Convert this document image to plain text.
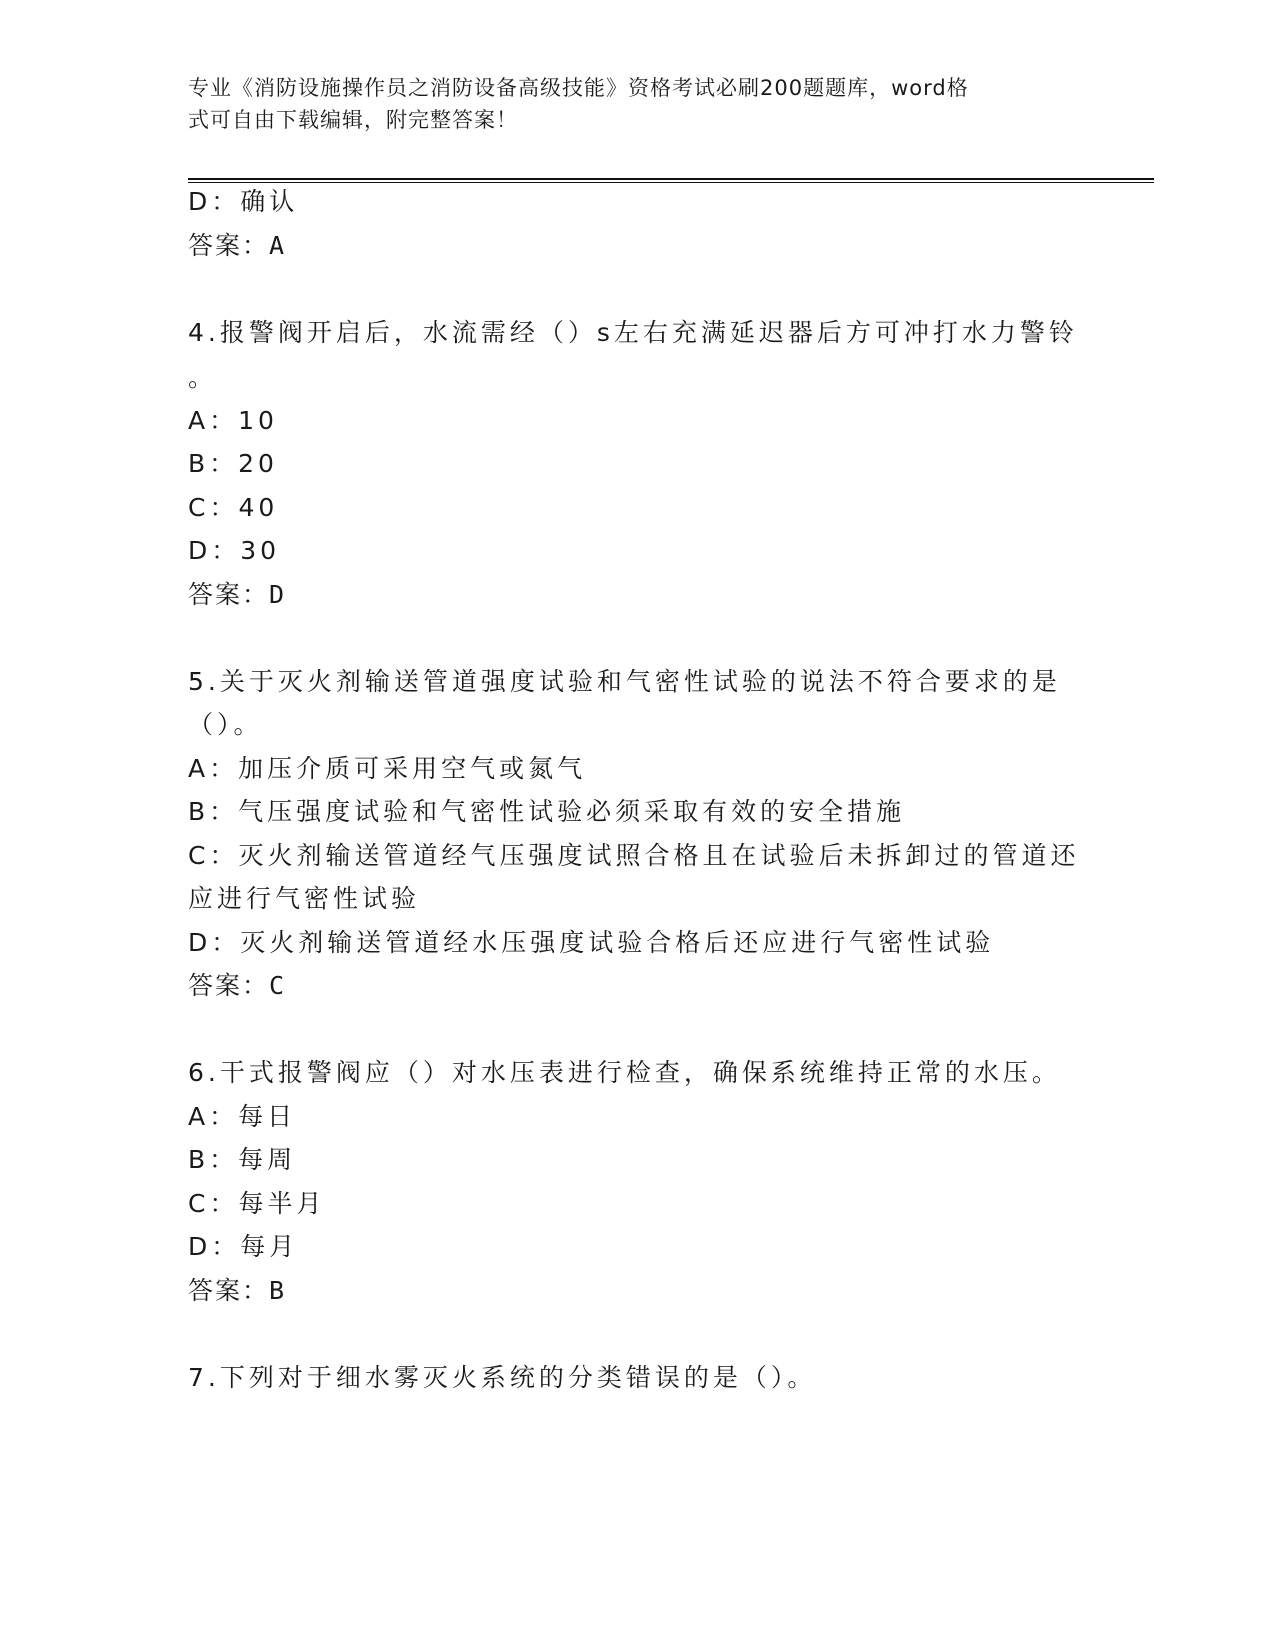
专业《消防设施操作员之消防设备高级技能》资格考试必刷200题题库，word格
式可自由下载编辑，附完整答案！
D：确认
答案：A
4.报警阀开启后，水流需经（）s左右充满延迟器后方可冲打水力警铃
。
A：10
B：20
C：40
D：30
答案：D
5.关于灭火剂输送管道强度试验和气密性试验的说法不符合要求的是
（）。
A：加压介质可采用空气或氮气
B：气压强度试验和气密性试验必须采取有效的安全措施
C：灭火剂输送管道经气压强度试照合格且在试验后未拆卸过的管道还
应进行气密性试验
D：灭火剂输送管道经水压强度试验合格后还应进行气密性试验
答案：C
6.干式报警阀应（）对水压表进行检查，确保系统维持正常的水压。
A：每日
B：每周
C：每半月
D：每月
答案：B
7.下列对于细水雾灭火系统的分类错误的是（）。
